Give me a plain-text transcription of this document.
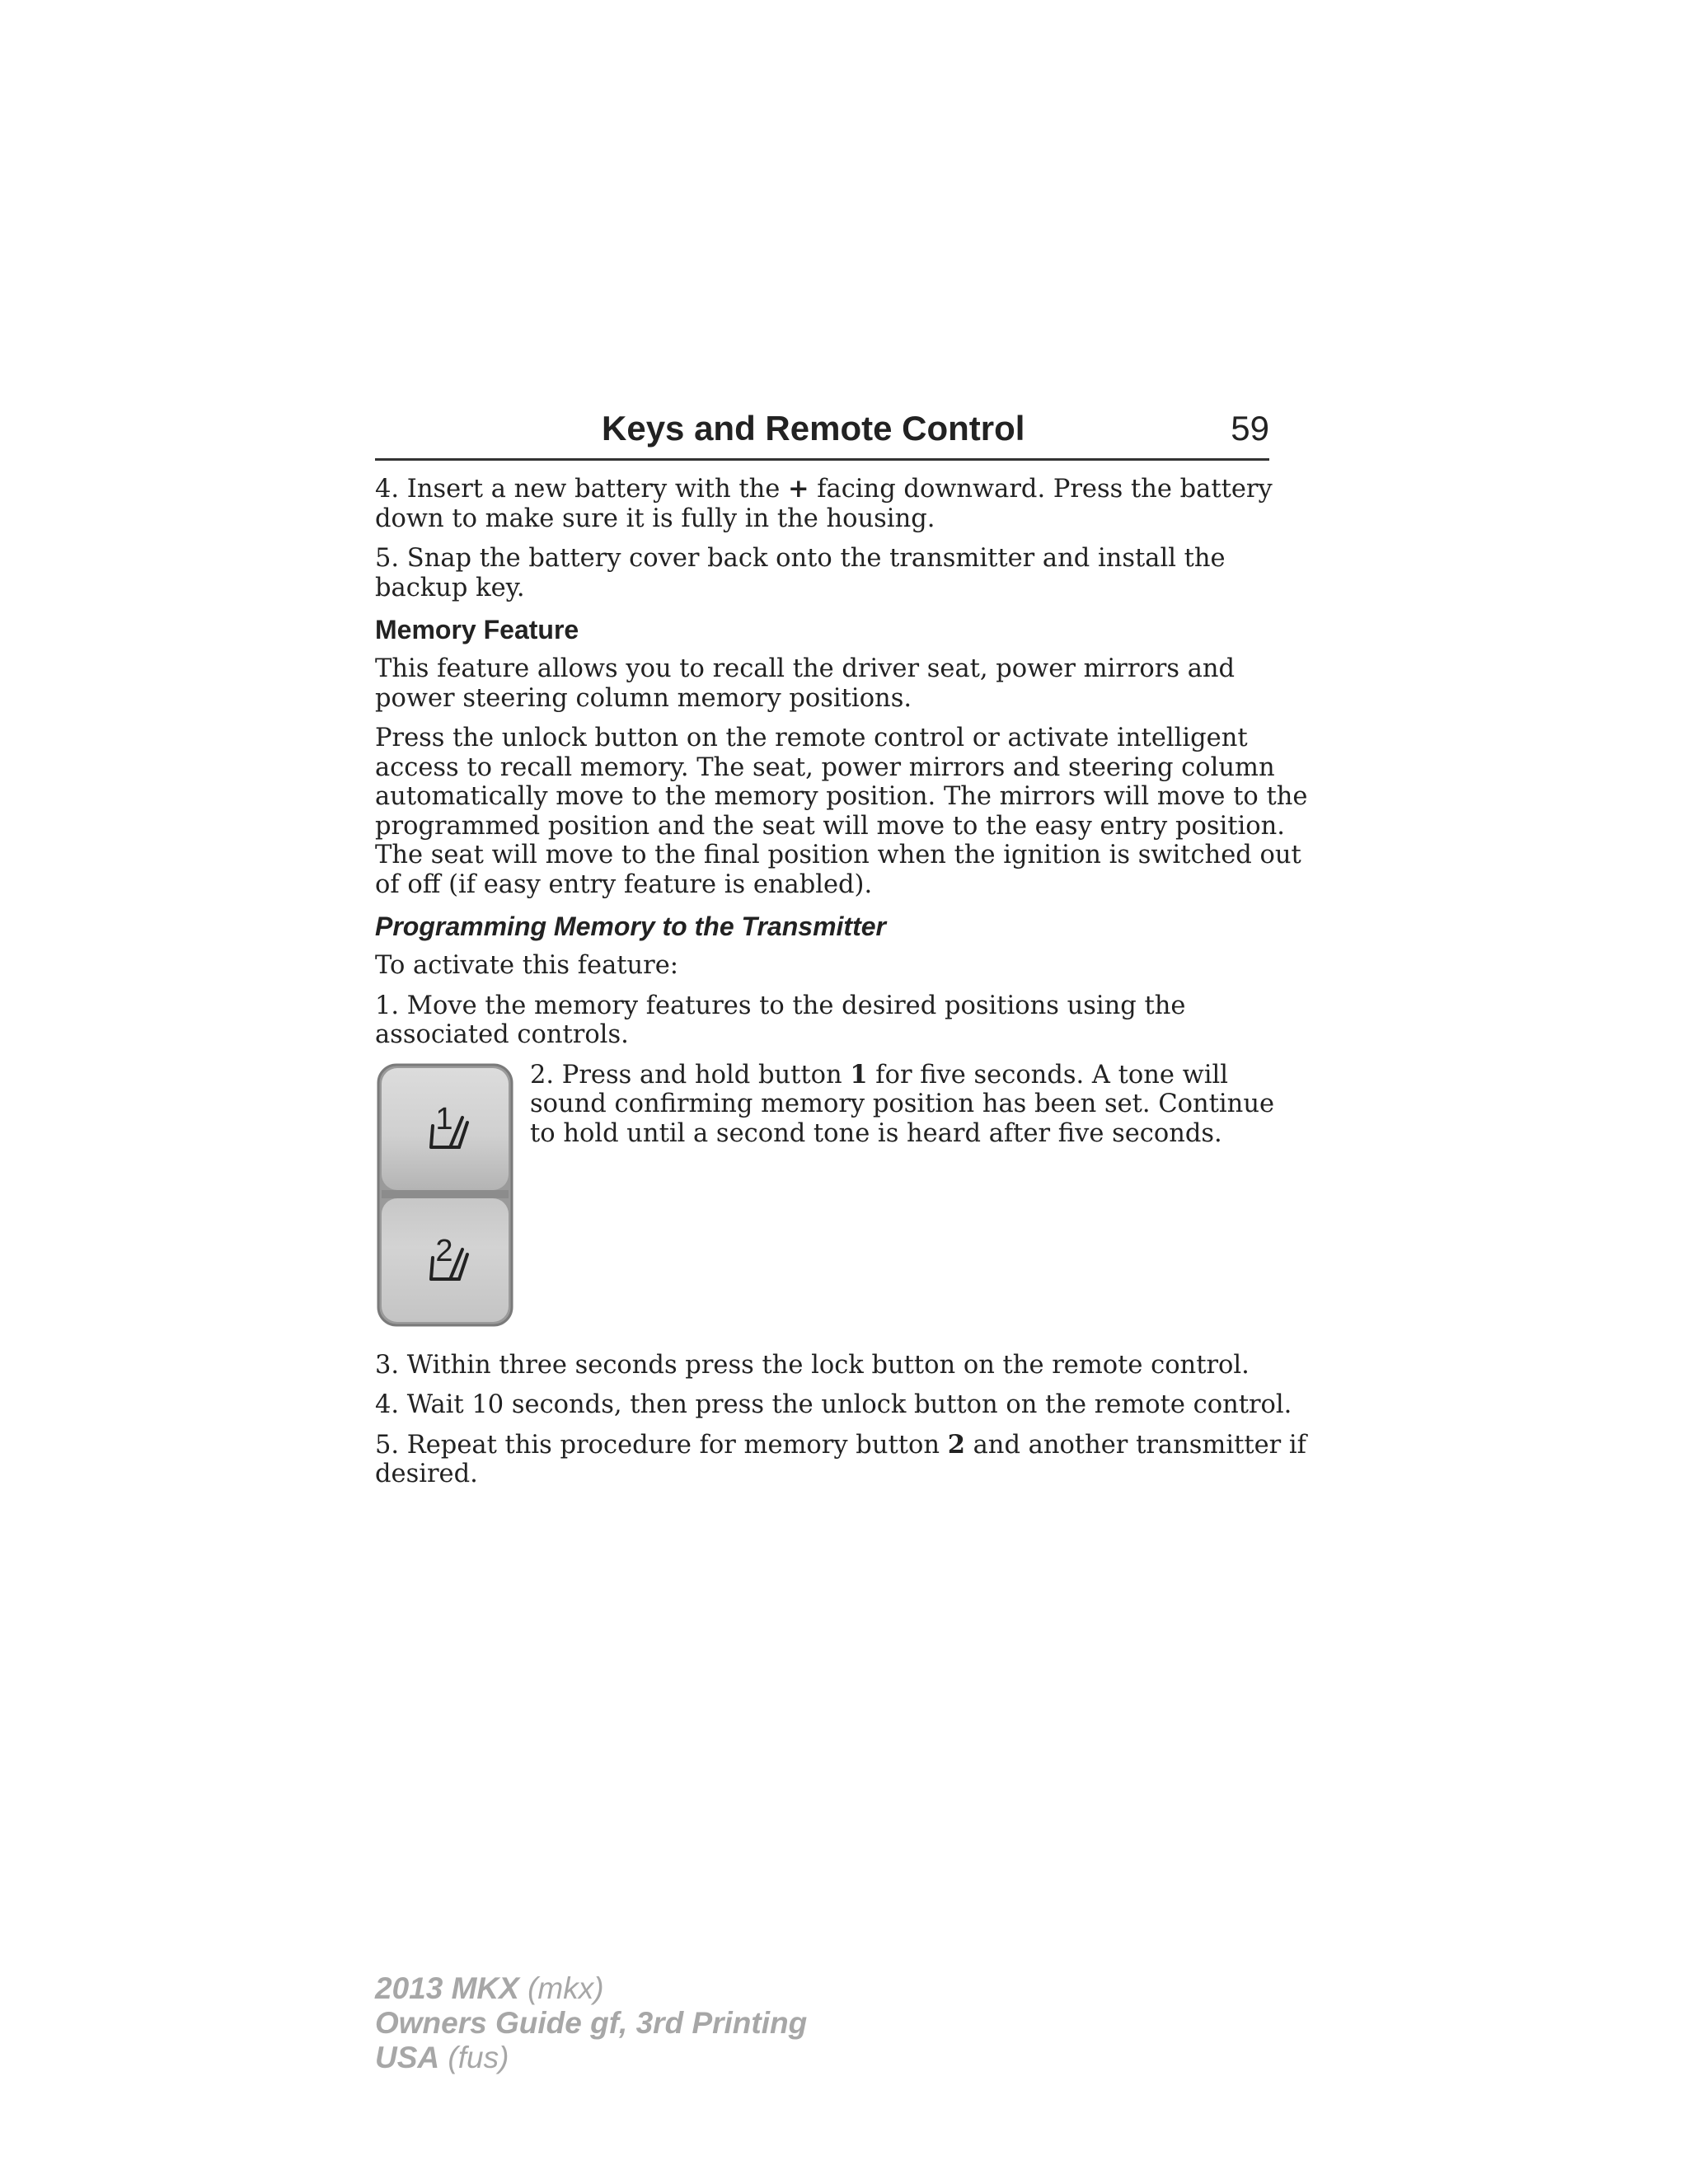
Keys and Remote Control	59

4. Insert a new battery with the + facing downward. Press the battery
down to make sure it is fully in the housing.

5. Snap the battery cover back onto the transmitter and install the
backup key.

Memory Feature

This feature allows you to recall the driver seat, power mirrors and
power steering column memory positions.

Press the unlock button on the remote control or activate intelligent
access to recall memory. The seat, power mirrors and steering column
automatically move to the memory position. The mirrors will move to the
programmed position and the seat will move to the easy entry position.
The seat will move to the final position when the ignition is switched out
of off (if easy entry feature is enabled).

Programming Memory to the Transmitter

To activate this feature:

1. Move the memory features to the desired positions using the
associated controls.

1
2

2. Press and hold button 1 for five seconds. A tone will
sound confirming memory position has been set. Continue
to hold until a second tone is heard after five seconds.

3. Within three seconds press the lock button on the remote control.

4. Wait 10 seconds, then press the unlock button on the remote control.

5. Repeat this procedure for memory button 2 and another transmitter if
desired.

2013 MKX (mkx)
Owners Guide gf, 3rd Printing
USA (fus)
